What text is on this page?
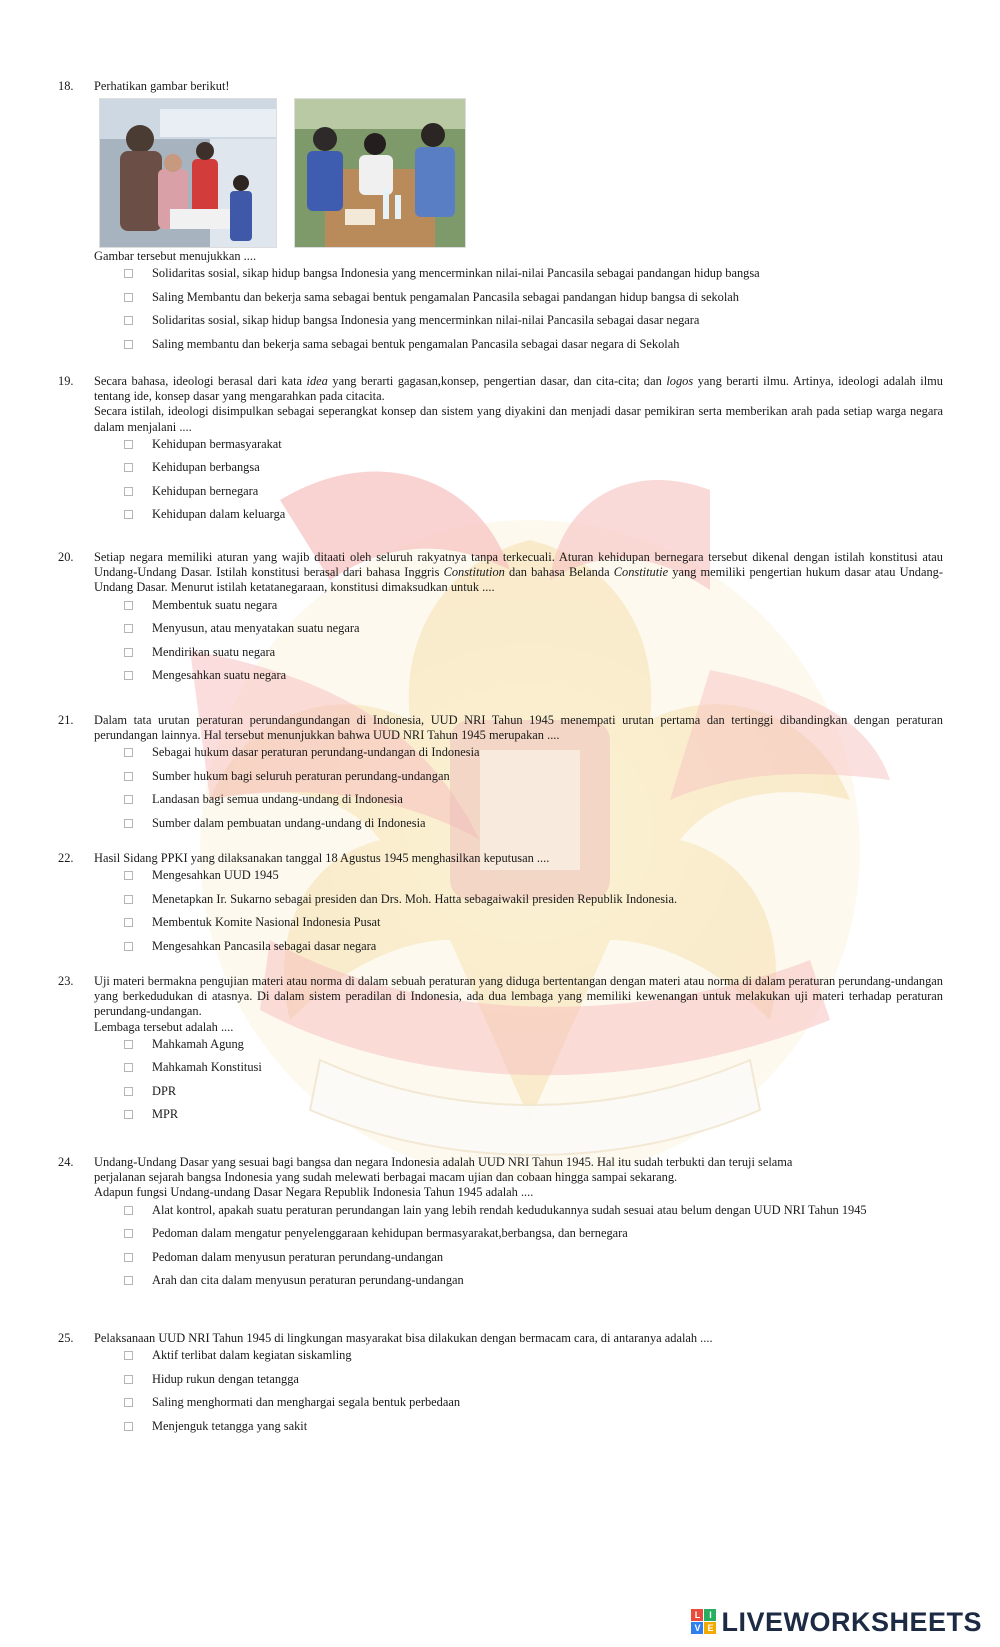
18.	Perhatikan gambar berikut!

Gambar tersebut menujukkan ....

Solidaritas sosial, sikap hidup bangsa Indonesia yang mencerminkan nilai-nilai Pancasila sebagai pandangan hidup bangsa
Saling Membantu dan bekerja sama sebagai bentuk pengamalan Pancasila sebagai pandangan hidup bangsa di sekolah
Solidaritas sosial, sikap hidup bangsa Indonesia yang mencerminkan nilai-nilai Pancasila sebagai dasar negara
Saling membantu dan bekerja sama sebagai bentuk pengamalan Pancasila sebagai dasar negara di Sekolah
19.	Secara bahasa, ideologi berasal dari kata idea yang berarti gagasan,konsep, pengertian dasar, dan cita-cita; dan logos yang berarti ilmu. Artinya, ideologi adalah ilmu tentang ide, konsep dasar yang mengarahkan pada citacita.

Secara istilah, ideologi disimpulkan sebagai seperangkat konsep dan sistem yang diyakini dan menjadi dasar pemikiran serta memberikan arah pada setiap warga negara dalam menjalani ....

Kehidupan bermasyarakat
Kehidupan berbangsa
Kehidupan bernegara
Kehidupan dalam keluarga
20.	Setiap negara memiliki aturan yang wajib ditaati oleh seluruh rakyatnya tanpa terkecuali. Aturan kehidupan bernegara tersebut dikenal dengan istilah konstitusi atau Undang-Undang Dasar. Istilah konstitusi berasal dari bahasa Inggris Constitution dan bahasa Belanda Constitutie yang memiliki pengertian hukum dasar atau Undang-Undang Dasar. Menurut istilah ketatanegaraan, konstitusi dimaksudkan untuk ....

Membentuk suatu negara
Menyusun, atau menyatakan suatu negara
Mendirikan suatu negara
Mengesahkan suatu negara
21.	Dalam tata urutan peraturan perundangundangan di Indonesia, UUD NRI Tahun 1945 menempati urutan pertama dan tertinggi dibandingkan dengan peraturan perundangan lainnya. Hal tersebut menunjukkan bahwa UUD NRI Tahun 1945 merupakan ....

Sebagai hukum dasar peraturan perundang-undangan di Indonesia
Sumber hukum bagi seluruh peraturan perundang-undangan
Landasan bagi semua undang-undang di Indonesia
Sumber dalam pembuatan undang-undang di Indonesia
22.	Hasil Sidang PPKI yang dilaksanakan tanggal 18 Agustus 1945 menghasilkan keputusan ....

Mengesahkan UUD 1945
Menetapkan Ir. Sukarno sebagai presiden dan Drs. Moh. Hatta sebagaiwakil presiden Republik Indonesia.
Membentuk Komite Nasional Indonesia Pusat
Mengesahkan Pancasila sebagai dasar negara
23.	Uji materi bermakna pengujian materi atau norma di dalam sebuah peraturan yang diduga bertentangan dengan materi atau norma di dalam peraturan perundang-undangan yang berkedudukan di atasnya. Di dalam sistem peradilan di Indonesia, ada dua lembaga yang memiliki kewenangan untuk melakukan uji materi terhadap peraturan perundang-undangan.

Lembaga tersebut adalah ....

Mahkamah Agung
Mahkamah Konstitusi
DPR
MPR
24.	Undang-Undang Dasar yang sesuai bagi bangsa dan negara Indonesia adalah UUD NRI Tahun 1945. Hal itu sudah terbukti dan teruji selama

perjalanan sejarah bangsa Indonesia yang sudah melewati berbagai macam ujian dan cobaan hingga sampai sekarang.

Adapun fungsi Undang-undang Dasar Negara Republik Indonesia Tahun 1945 adalah ....

Alat kontrol, apakah suatu peraturan perundangan lain yang lebih rendah kedudukannya sudah sesuai atau belum dengan UUD NRI Tahun 1945
Pedoman dalam mengatur penyelenggaraan kehidupan bermasyarakat,berbangsa, dan bernegara
Pedoman dalam menyusun peraturan perundang-undangan
Arah dan cita dalam menyusun peraturan perundang-undangan
25.	Pelaksanaan UUD NRI Tahun 1945 di lingkungan masyarakat bisa dilakukan dengan bermacam cara, di antaranya adalah ....

Aktif terlibat dalam kegiatan siskamling
Hidup rukun dengan tetangga
Saling menghormati dan menghargai segala bentuk perbedaan
Menjenguk tetangga yang sakit
L I
V E LIVEWORKSHEETS
